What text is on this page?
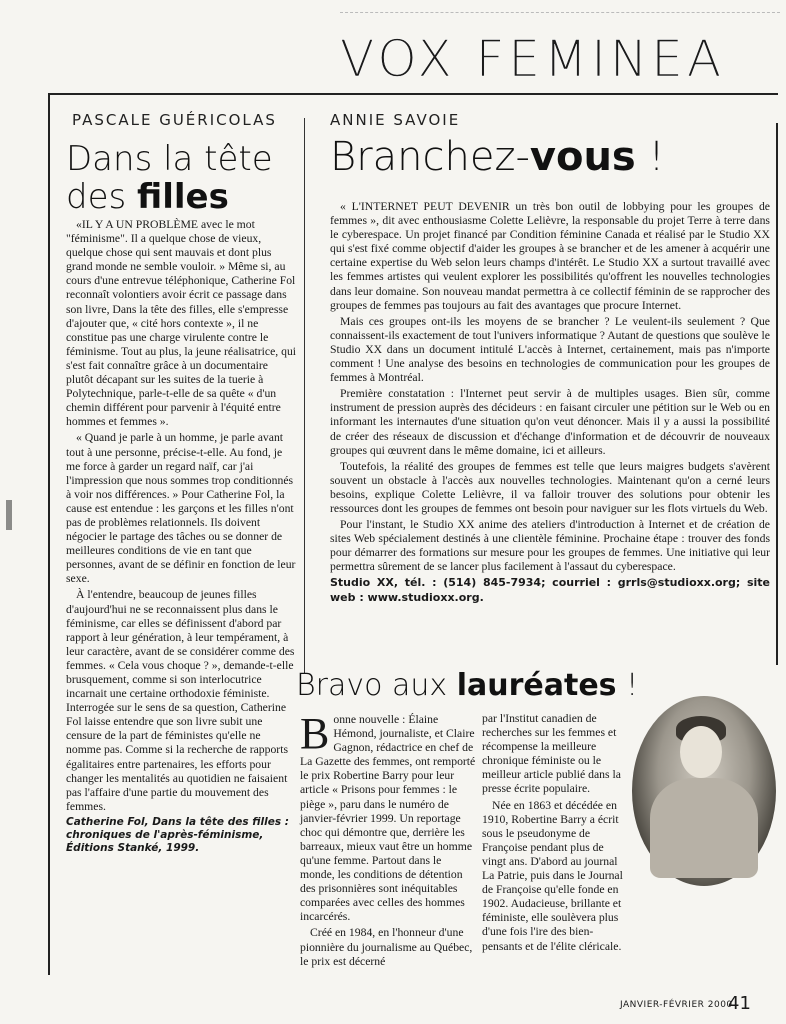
VOX FEMINEA
PASCALE GUÉRICOLAS
Dans la tête
des filles

«IL Y A UN PROBLÈME avec le mot "féminisme". Il a quelque chose de vieux, quelque chose qui sent mauvais et dont plus grand monde ne semble vouloir. » Même si, au cours d'une entrevue téléphonique, Catherine Fol reconnaît volontiers avoir écrit ce passage dans son livre, Dans la tête des filles, elle s'empresse d'ajouter que, « cité hors contexte », il ne constitue pas une charge virulente contre le féminisme. Tout au plus, la jeune réalisatrice, qui s'est fait connaître grâce à un documentaire plutôt décapant sur les suites de la tuerie à Polytechnique, parle-t-elle de sa quête « d'un chemin différent pour parvenir à l'équité entre hommes et femmes ».

« Quand je parle à un homme, je parle avant tout à une personne, précise-t-elle. Au fond, je me force à garder un regard naïf, car j'ai l'impression que nous sommes trop conditionnés à voir nos différences. » Pour Catherine Fol, la cause est entendue : les garçons et les filles n'ont pas de problèmes relationnels. Ils doivent négocier le partage des tâches ou se donner de meilleures conditions de vie en tant que personnes, avant de se définir en fonction de leur sexe.

À l'entendre, beaucoup de jeunes filles d'aujourd'hui ne se reconnaissent plus dans le féminisme, car elles se définissent d'abord par rapport à leur génération, à leur tempérament, à leur caractère, avant de se considérer comme des femmes. « Cela vous choque ? », demande-t-elle brusquement, comme si son interlocutrice incarnait une certaine orthodoxie féministe. Interrogée sur le sens de sa question, Catherine Fol laisse entendre que son livre subit une censure de la part de féministes qu'elle ne nomme pas. Comme si la recherche de rapports égalitaires entre partenaires, les efforts pour changer les mentalités au quotidien ne faisaient pas l'affaire d'une partie du mouvement des femmes.

Catherine Fol, Dans la tête des filles :
chroniques de l'après-féminisme,
Éditions Stanké, 1999.
ANNIE SAVOIE
Branchez-vous !

« L'INTERNET PEUT DEVENIR un très bon outil de lobbying pour les groupes de femmes », dit avec enthousiasme Colette Lelièvre, la responsable du projet Terre à terre dans le cyberespace. Un projet financé par Condition féminine Canada et réalisé par le Studio XX qui s'est fixé comme objectif d'aider les groupes à se brancher et de les amener à acquérir une certaine expertise du Web selon leurs champs d'intérêt. Le Studio XX a surtout travaillé avec les femmes artistes qui veulent explorer les possibilités qu'offrent les nouvelles technologies dans leur domaine. Son nouveau mandat permettra à ce collectif féminin de se rapprocher des groupes de femmes pas toujours au fait des avantages que procure Internet.

Mais ces groupes ont-ils les moyens de se brancher ? Le veulent-ils seulement ? Que connaissent-ils exactement de tout l'univers informatique ? Autant de questions que soulève le Studio XX dans un document intitulé L'accès à Internet, certainement, mais pas n'importe comment ! Une analyse des besoins en technologies de communication pour les groupes de femmes à Montréal.

Première constatation : l'Internet peut servir à de multiples usages. Bien sûr, comme instrument de pression auprès des décideurs : en faisant circuler une pétition sur le Web ou en informant les internautes d'une situation qu'on veut dénoncer. Mais il y a aussi la possibilité de créer des réseaux de discussion et d'échange d'information et de découvrir de nouveaux groupes qui œuvrent dans le même domaine, ici et ailleurs.

Toutefois, la réalité des groupes de femmes est telle que leurs maigres budgets s'avèrent souvent un obstacle à l'accès aux nouvelles technologies. Maintenant qu'on a cerné leurs besoins, explique Colette Lelièvre, il va falloir trouver des solutions pour obtenir les ressources dont les groupes de femmes ont besoin pour naviguer sur les flots virtuels du Web.

Pour l'instant, le Studio XX anime des ateliers d'introduction à Internet et de création de sites Web spécialement destinés à une clientèle féminine. Prochaine étape : trouver des fonds pour démarrer des formations sur mesure pour les groupes de femmes. Une initiative qui leur permettra sûrement de se lancer plus facilement à l'assaut du cyberespace.

Studio XX, tél. : (514) 845-7934; courriel : grrls@studioxx.org; site web : www.studioxx.org.
Bravo aux lauréates !

Bonne nouvelle : Élaine Hémond, journaliste, et Claire Gagnon, rédactrice en chef de La Gazette des femmes, ont remporté le prix Robertine Barry pour leur article « Prisons pour femmes : le piège », paru dans le numéro de janvier-février 1999. Un reportage choc qui démontre que, derrière les barreaux, mieux vaut être un homme qu'une femme. Partout dans le monde, les conditions de détention des prisonnières sont inéquitables comparées avec celles des hommes incarcérés.

Créé en 1984, en l'honneur d'une pionnière du journalisme au Québec, le prix est décerné

par l'Institut canadien de recherches sur les femmes et récompense la meilleure chronique féministe ou le meilleur article publié dans la presse écrite populaire.

Née en 1863 et décédée en 1910, Robertine Barry a écrit sous le pseudonyme de Françoise pendant plus de vingt ans. D'abord au journal La Patrie, puis dans le Journal de Françoise qu'elle fonde en 1902. Audacieuse, brillante et féministe, elle soulèvera plus d'une fois l'ire des bien-pensants et de l'élite cléricale.

JANVIER-FÉVRIER 2000
41
